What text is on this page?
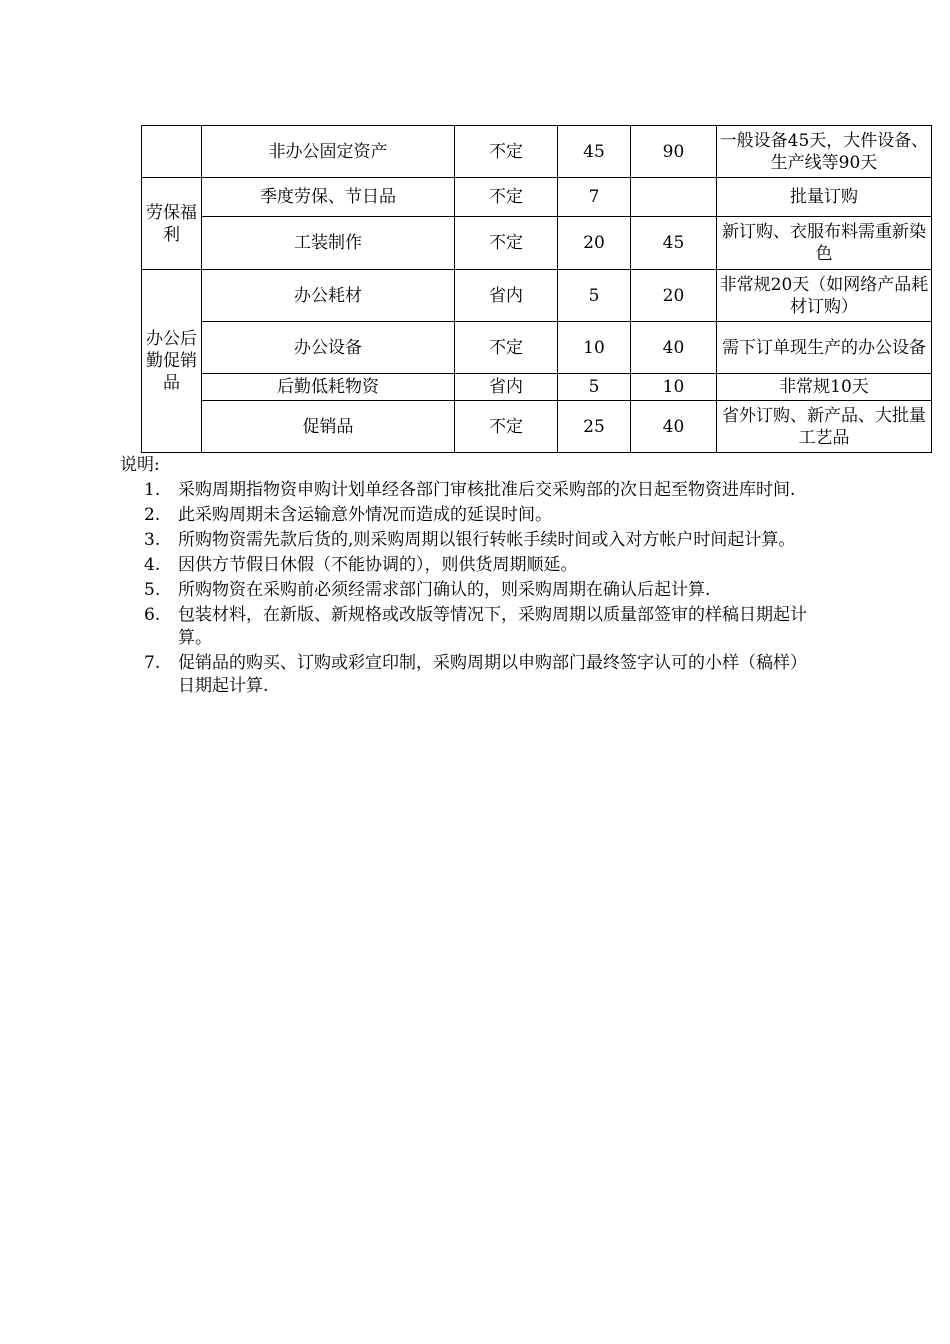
	非办公固定资产	不定	45	90	一般设备45天，大件设备、生产线等90天
劳保福利	季度劳保、节日品	不定	7		批量订购
	工装制作	不定	20	45	新订购、衣服布料需重新染色
办公后勤促销品	办公耗材	省内	5	20	非常规20天（如网络产品耗材订购）
	办公设备	不定	10	40	需下订单现生产的办公设备
	后勤低耗物资	省内	5	10	非常规10天
	促销品	不定	25	40	省外订购、新产品、大批量工艺品
说明:
1. 采购周期指物资申购计划单经各部门审核批准后交采购部的次日起至物资进库时间.
2. 此采购周期未含运输意外情况而造成的延误时间。
3. 所购物资需先款后货的,则采购周期以银行转帐手续时间或入对方帐户时间起计算。
4. 因供方节假日休假（不能协调的），则供货周期顺延。
5. 所购物资在采购前必须经需求部门确认的，则采购周期在确认后起计算.
6. 包装材料，在新版、新规格或改版等情况下，采购周期以质量部签审的样稿日期起计算。
7. 促销品的购买、订购或彩宣印制，采购周期以申购部门最终签字认可的小样（稿样）日期起计算.
